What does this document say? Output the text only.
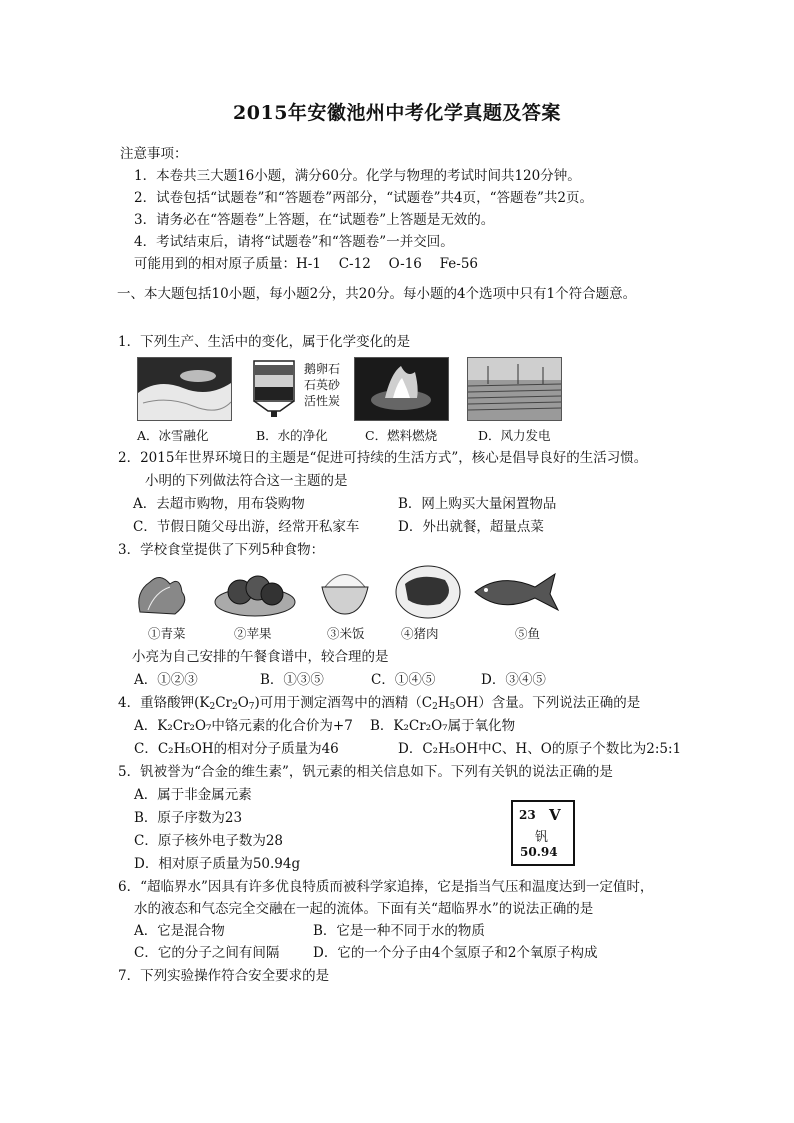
2015年安徽池州中考化学真题及答案
注意事项：
1．本卷共三大题16小题，满分60分。化学与物理的考试时间共120分钟。
2．试卷包括“试题卷”和“答题卷”两部分，“试题卷”共4页，“答题卷”共2页。
3．请务必在“答题卷”上答题，在“试题卷”上答题是无效的。
4．考试结束后，请将“试题卷”和“答题卷”一并交回。
可能用到的相对原子质量：H-1　 C-12　 O-16　 Fe-56
一、本大题包括10小题，每小题2分，共20分。每小题的4个选项中只有1个符合题意。
1．下列生产、生活中的变化，属于化学变化的是
鹅卵石
石英砂
活性炭
A．冰雪融化	B．水的净化	C．燃料燃烧	D．风力发电
2．2015年世界环境日的主题是“促进可持续的生活方式”，核心是倡导良好的生活习惯。
小明的下列做法符合这一主题的是
A．去超市购物，用布袋购物	B．网上购买大量闲置物品
C．节假日随父母出游，经常开私家车	D．外出就餐，超量点菜
3．学校食堂提供了下列5种食物：
①青菜	②苹果	③米饭	④猪肉	⑤鱼
小亮为自己安排的午餐食谱中，较合理的是
A．①②③	B．①③⑤	C．①④⑤	D．③④⑤
4．重铬酸钾$(K_2Cr_2O_7)$可用于测定酒驾中的酒精$(C_2H_5OH)$含量。下列说法正确的是
A．K₂Cr₂O₇中铬元素的化合价为+7 B．K₂Cr₂O₇属于氧化物
C．C₂H₅OH的相对分子质量为46	D．C₂H₅OH中C、H、O的原子个数比为2:5:1
5．钒被誉为“合金的维生素”，钒元素的相关信息如下。下列有关钒的说法正确的是
A．属于非金属元素
B．原子序数为23
C．原子核外电子数为28
D．相对原子质量为50.94g
23 V
钒
50.94
6．“超临界水”因具有许多优良特质而被科学家追捧，它是指当气压和温度达到一定值时，
水的液态和气态完全交融在一起的流体。下面有关“超临界水”的说法正确的是
A．它是混合物	B．它是一种不同于水的物质
C．它的分子之间有间隔 D．它的一个分子由4个氢原子和2个氧原子构成
7．下列实验操作符合安全要求的是
